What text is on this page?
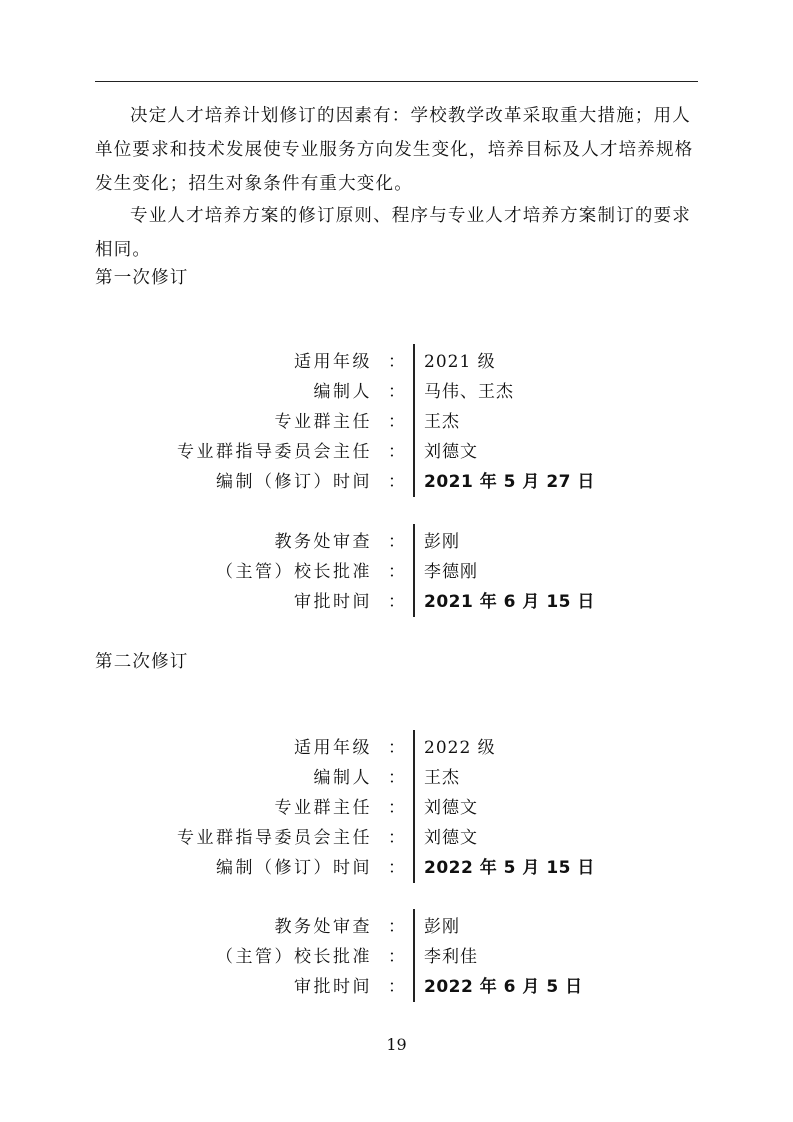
决定人才培养计划修订的因素有：学校教学改革采取重大措施；用人单位要求和技术发展使专业服务方向发生变化，培养目标及人才培养规格发生变化；招生对象条件有重大变化。

专业人才培养方案的修订原则、程序与专业人才培养方案制订的要求相同。

第一次修订

第二次修订

19
适用年级 ： 2021 级
编制人 ： 马伟、王杰
专业群主任 ： 王杰
专业群指导委员会主任 ： 刘德文
编制（修订）时间 ： 2021 年 5 月 27 日
教务处审查 ： 彭刚
（主管）校长批准 ： 李德刚
审批时间 ： 2021 年 6 月 15 日
适用年级 ： 2022 级
编制人 ： 王杰
专业群主任 ： 刘德文
专业群指导委员会主任 ： 刘德文
编制（修订）时间 ： 2022 年 5 月 15 日
教务处审查 ： 彭刚
（主管）校长批准 ： 李利佳
审批时间 ： 2022 年 6 月 5 日
